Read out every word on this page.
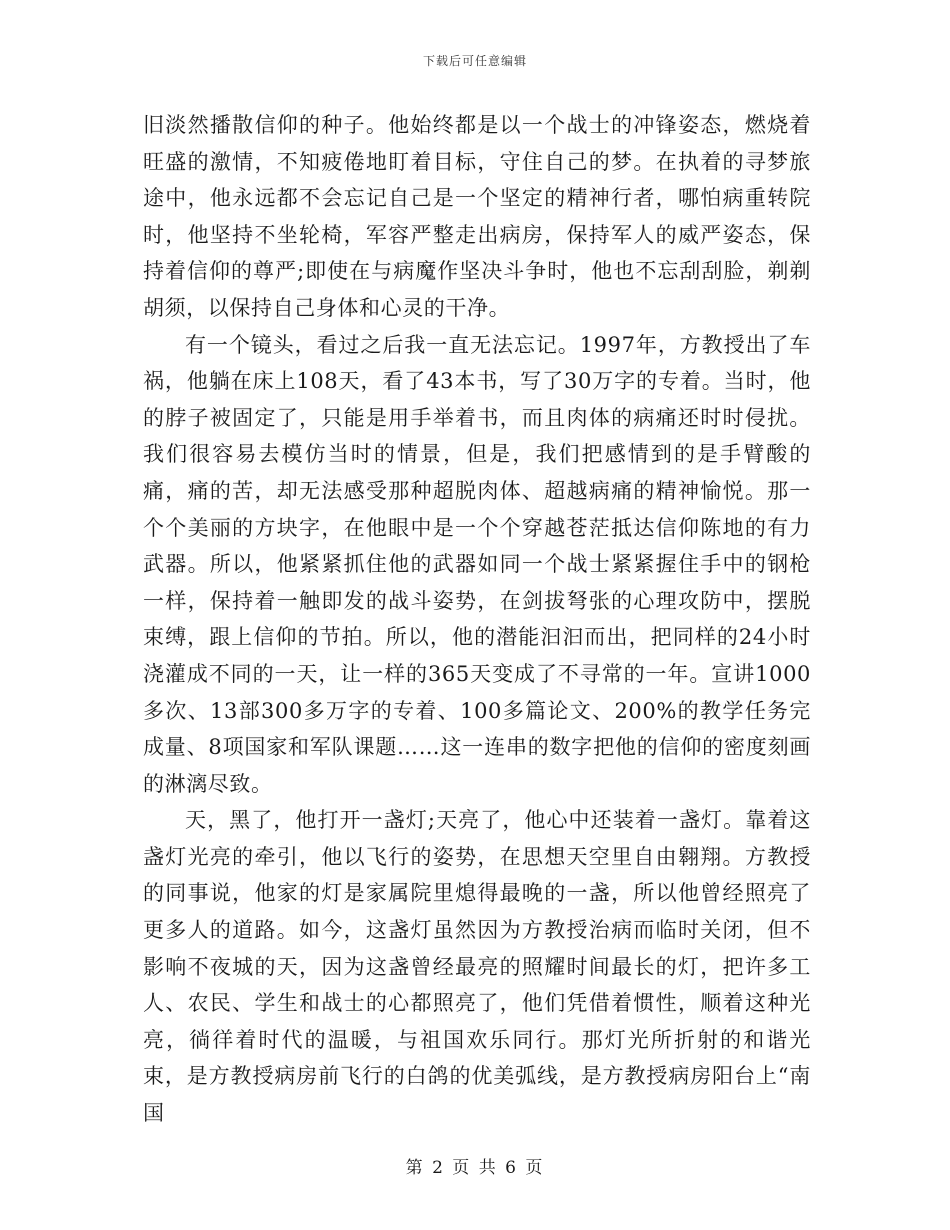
下载后可任意编辑

旧淡然播散信仰的种子。他始终都是以一个战士的冲锋姿态，燃烧着旺盛的激情，不知疲倦地盯着目标，守住自己的梦。在执着的寻梦旅途中，他永远都不会忘记自己是一个坚定的精神行者，哪怕病重转院时，他坚持不坐轮椅，军容严整走出病房，保持军人的威严姿态，保持着信仰的尊严;即使在与病魔作坚决斗争时，他也不忘刮刮脸，剃剃胡须，以保持自己身体和心灵的干净。

有一个镜头，看过之后我一直无法忘记。1997年，方教授出了车祸，他躺在床上108天，看了43本书，写了30万字的专着。当时，他的脖子被固定了，只能是用手举着书，而且肉体的病痛还时时侵扰。我们很容易去模仿当时的情景，但是，我们把感情到的是手臂酸的痛，痛的苦，却无法感受那种超脱肉体、超越病痛的精神愉悦。那一个个美丽的方块字，在他眼中是一个个穿越苍茫抵达信仰陈地的有力武器。所以，他紧紧抓住他的武器如同一个战士紧紧握住手中的钢枪一样，保持着一触即发的战斗姿势，在剑拔弩张的心理攻防中，摆脱束缚，跟上信仰的节拍。所以，他的潜能汩汩而出，把同样的24小时浇灌成不同的一天，让一样的365天变成了不寻常的一年。宣讲1000多次、13部300多万字的专着、100多篇论文、200%的教学任务完成量、8项国家和军队课题……这一连串的数字把他的信仰的密度刻画的淋漓尽致。

天，黑了，他打开一盏灯;天亮了，他心中还装着一盏灯。靠着这盏灯光亮的牵引，他以飞行的姿势，在思想天空里自由翱翔。方教授的同事说，他家的灯是家属院里熄得最晚的一盏，所以他曾经照亮了更多人的道路。如今，这盏灯虽然因为方教授治病而临时关闭，但不影响不夜城的天，因为这盏曾经最亮的照耀时间最长的灯，把许多工人、农民、学生和战士的心都照亮了，他们凭借着惯性，顺着这种光亮，徜徉着时代的温暖，与祖国欢乐同行。那灯光所折射的和谐光束，是方教授病房前飞行的白鸽的优美弧线，是方教授病房阳台上“南国

第 2 页 共 6 页
